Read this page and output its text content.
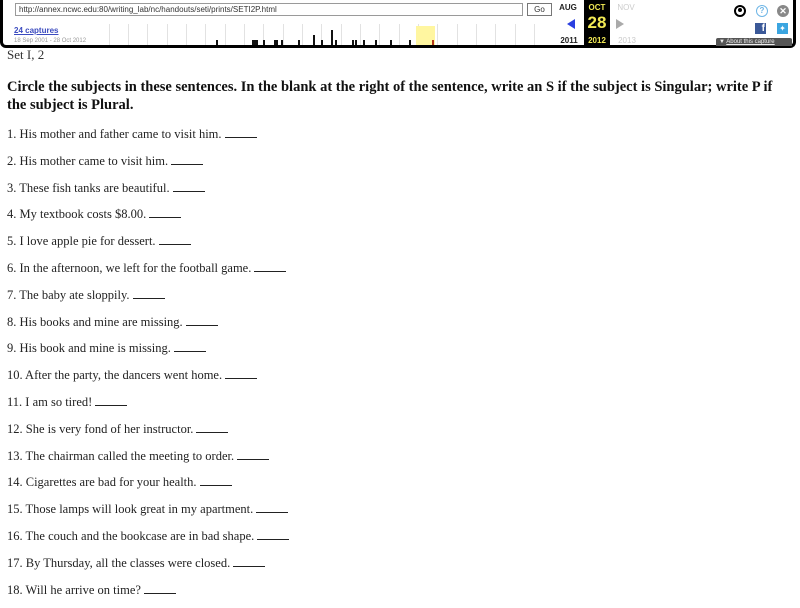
http://annex.ncwc.edu:80/writing_lab/nc/handouts/seti/prints/SETI2P.html
Go
24 captures
18 Sep 2001 - 28 Oct 2012
AUG	OCT	NOV
28
2011	2012	2013
?	✕
f ✦
▼ About this capture
Set I, 2
Circle the subjects in these sentences. In the blank at the right of the sentence, write an S if the subject is Singular; write P if the subject is Plural.
1. His mother and father came to visit him.
2. His mother came to visit him.
3. These fish tanks are beautiful.
4. My textbook costs $8.00.
5. I love apple pie for dessert.
6. In the afternoon, we left for the football game.
7. The baby ate sloppily.
8. His books and mine are missing.
9. His book and mine is missing.
10. After the party, the dancers went home.
11. I am so tired!
12. She is very fond of her instructor.
13. The chairman called the meeting to order.
14. Cigarettes are bad for your health.
15. Those lamps will look great in my apartment.
16. The couch and the bookcase are in bad shape.
17. By Thursday, all the classes were closed.
18. Will he arrive on time?
